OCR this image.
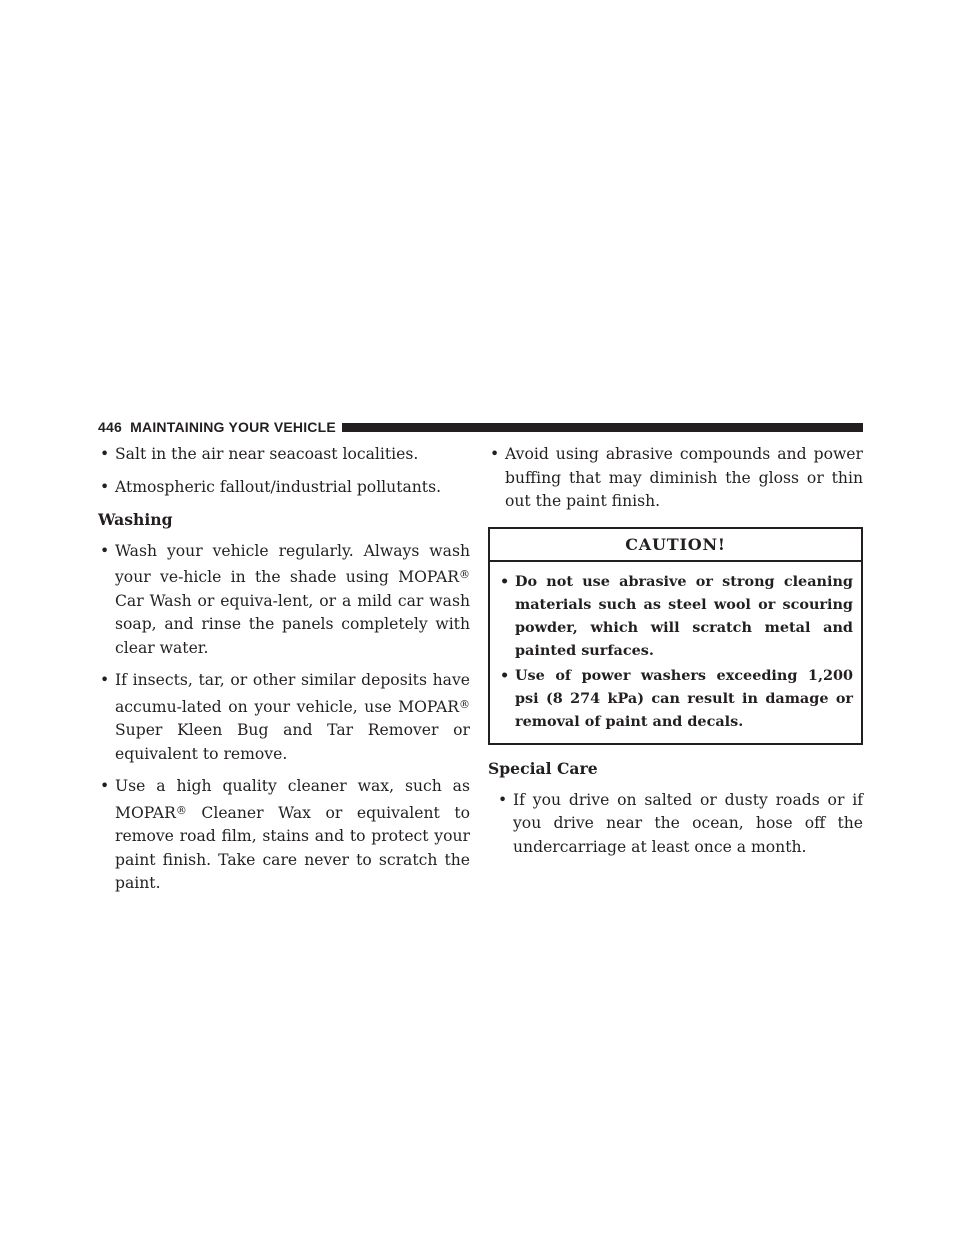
446 MAINTAINING YOUR VEHICLE
• Salt in the air near seacoast localities.
• Atmospheric fallout/industrial pollutants.
Washing
• Wash your vehicle regularly. Always wash your ve-hicle in the shade using MOPAR® Car Wash or equiva-lent, or a mild car wash soap, and rinse the panels completely with clear water.
• If insects, tar, or other similar deposits have accumu-lated on your vehicle, use MOPAR® Super Kleen Bug and Tar Remover or equivalent to remove.
• Use a high quality cleaner wax, such as MOPAR® Cleaner Wax or equivalent to remove road film, stains and to protect your paint finish. Take care never to scratch the paint.
• Avoid using abrasive compounds and power buffing that may diminish the gloss or thin out the paint finish.
CAUTION!
• Do not use abrasive or strong cleaning materials such as steel wool or scouring powder, which will scratch metal and painted surfaces.
• Use of power washers exceeding 1,200 psi (8 274 kPa) can result in damage or removal of paint and decals.
Special Care
• If you drive on salted or dusty roads or if you drive near the ocean, hose off the undercarriage at least once a month.
